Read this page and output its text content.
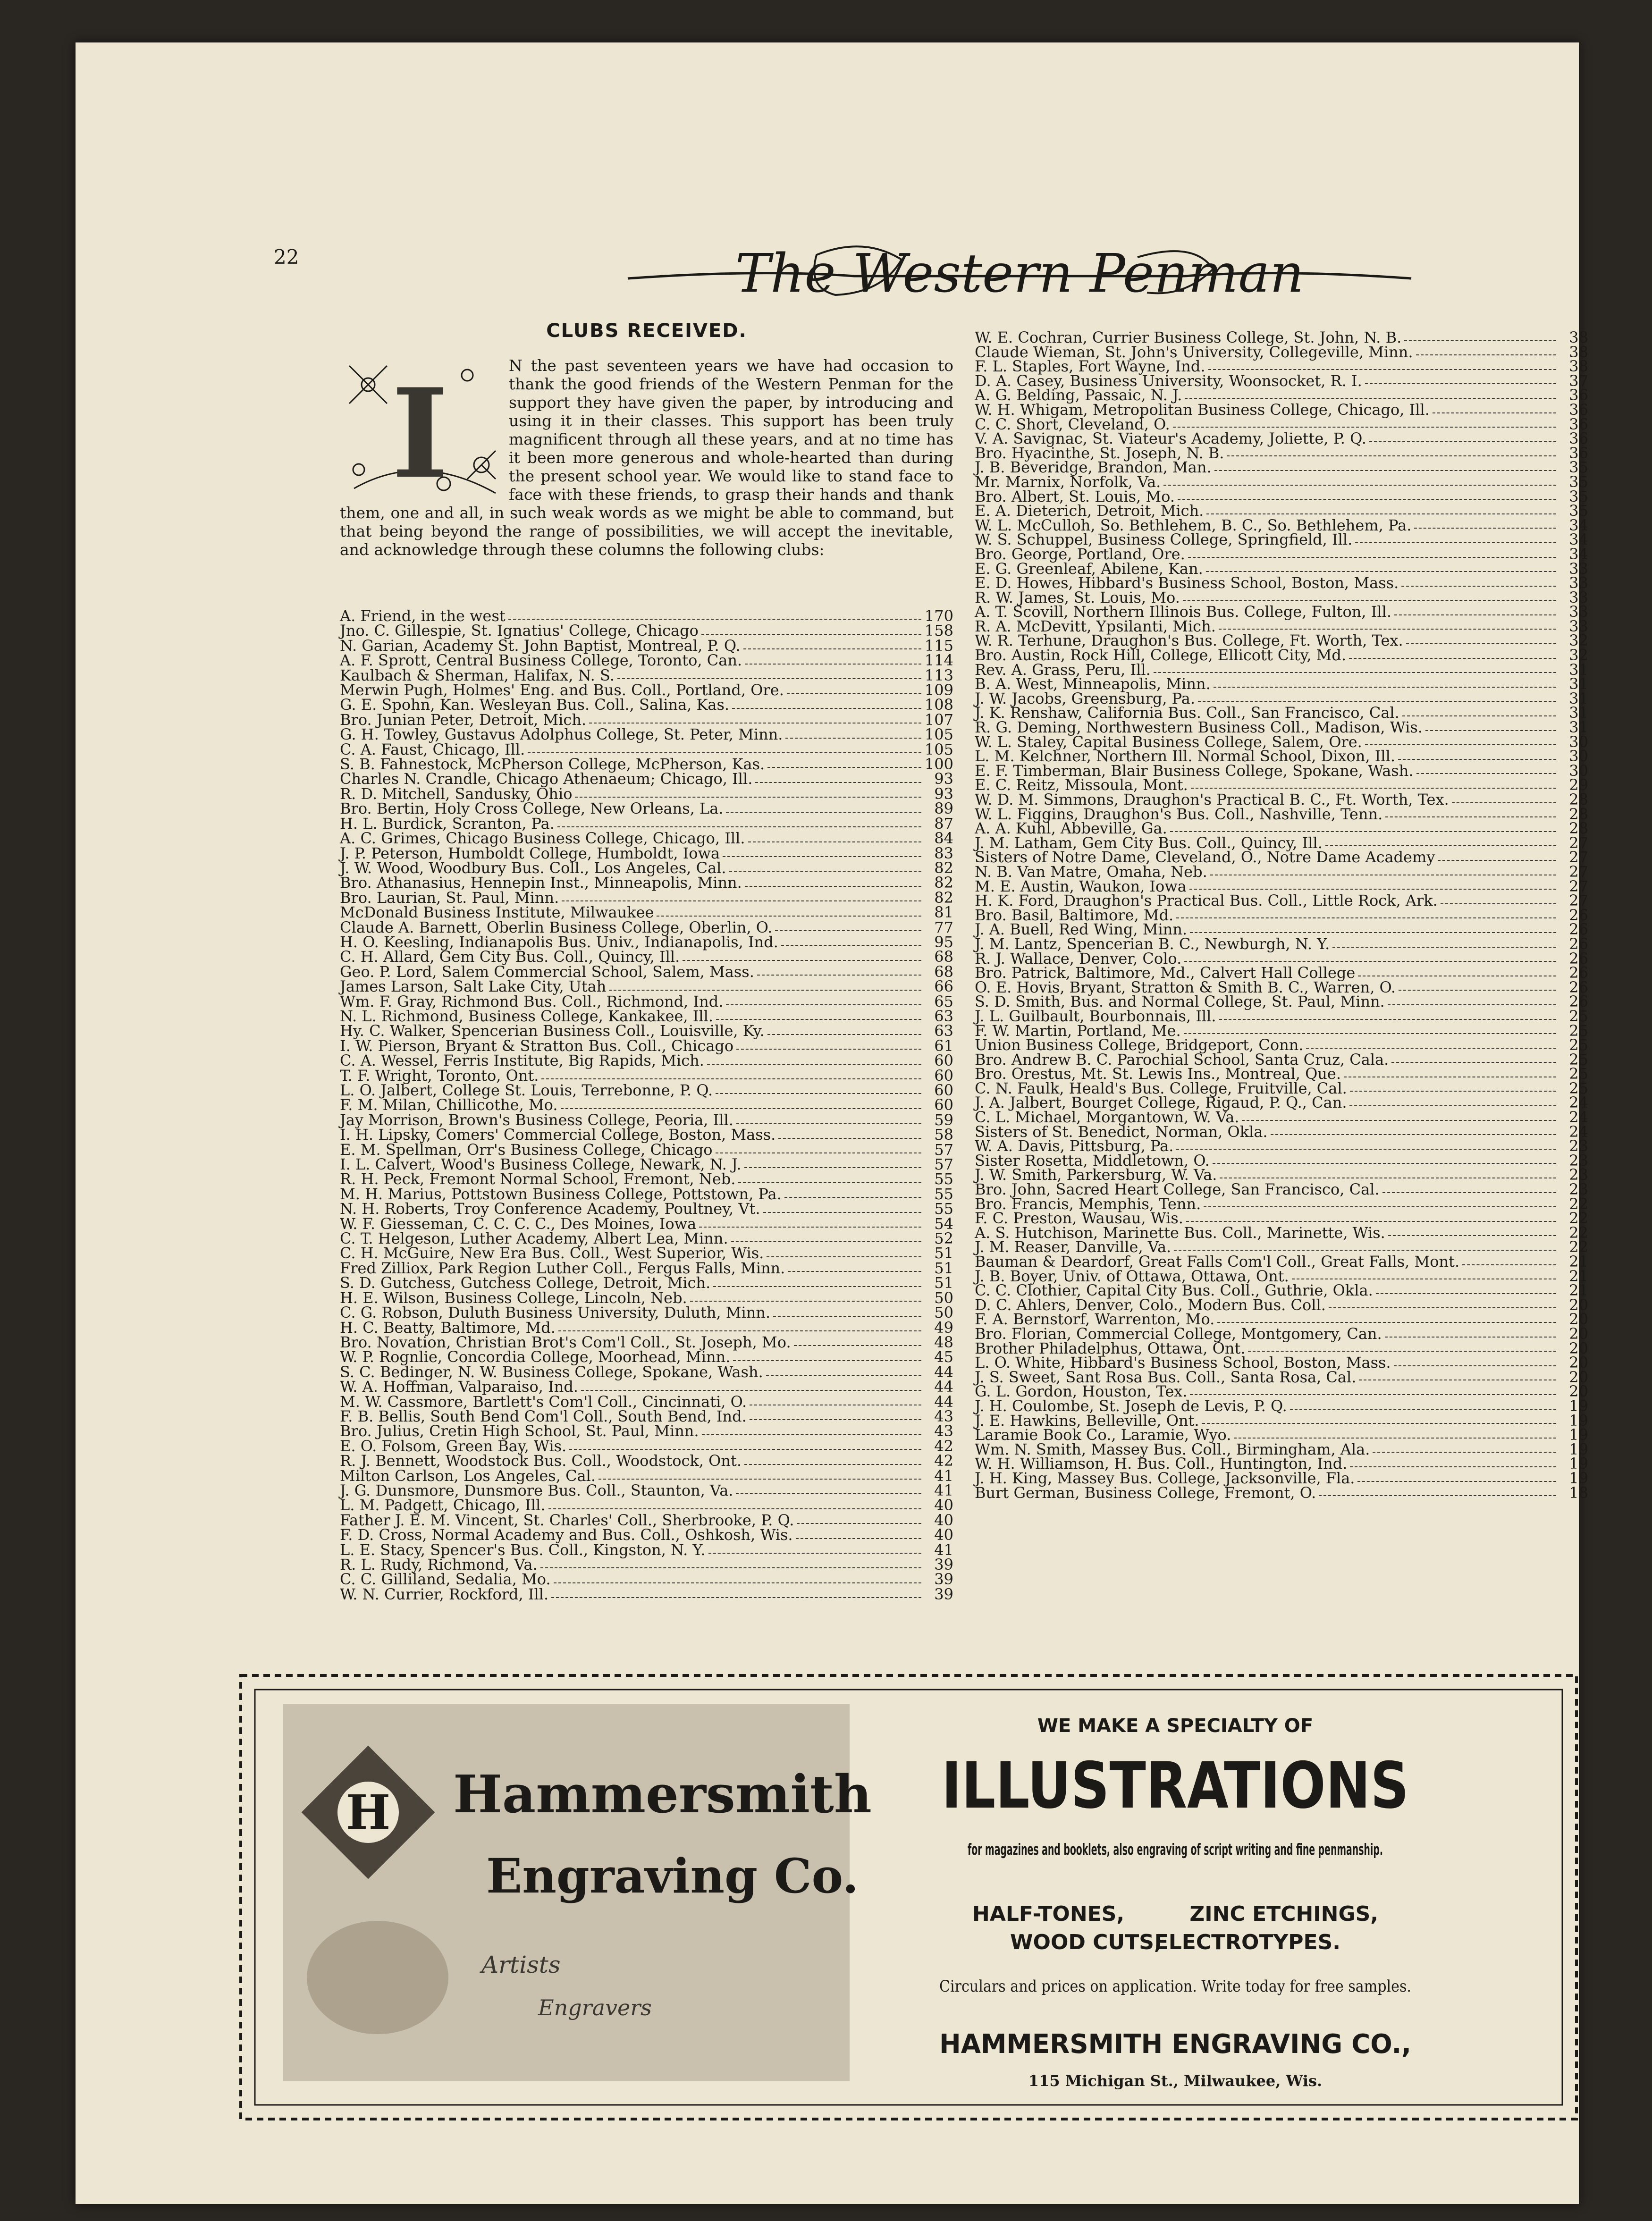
22	The Western Penman
CLUBS RECEIVED.
I	N the past seventeen years we have had occasion to thank the good friends of the Western Penman for the support they have given the paper, by introducing and using it in their classes. This support has been truly magnificent through all these years, and at no time has it been more generous and whole-hearted than during the present school year. We would like to stand face to face with these friends, to grasp their hands and thank them, one and all, in such weak words as we might be able to command, but that being beyond the range of possibilities, we will accept the inevitable, and acknowledge through these columns the following clubs:
A. Friend, in the west	170
Jno. C. Gillespie, St. Ignatius' College, Chicago	158
N. Garian, Academy St. John Baptist, Montreal, P. Q.	115
A. F. Sprott, Central Business College, Toronto, Can.	114
Kaulbach & Sherman, Halifax, N. S.	113
Merwin Pugh, Holmes' Eng. and Bus. Coll., Portland, Ore.	109
G. E. Spohn, Kan. Wesleyan Bus. Coll., Salina, Kas.	108
Bro. Junian Peter, Detroit, Mich.	107
G. H. Towley, Gustavus Adolphus College, St. Peter, Minn.	105
C. A. Faust, Chicago, Ill.	105
S. B. Fahnestock, McPherson College, McPherson, Kas.	100
Charles N. Crandle, Chicago Athenaeum; Chicago, Ill.	93
R. D. Mitchell, Sandusky, Ohio	93
Bro. Bertin, Holy Cross College, New Orleans, La.	89
H. L. Burdick, Scranton, Pa.	87
A. C. Grimes, Chicago Business College, Chicago, Ill.	84
J. P. Peterson, Humboldt College, Humboldt, Iowa	83
J. W. Wood, Woodbury Bus. Coll., Los Angeles, Cal.	82
Bro. Athanasius, Hennepin Inst., Minneapolis, Minn.	82
Bro. Laurian, St. Paul, Minn.	82
McDonald Business Institute, Milwaukee	81
Claude A. Barnett, Oberlin Business College, Oberlin, O.	77
H. O. Keesling, Indianapolis Bus. Univ., Indianapolis, Ind.	95
C. H. Allard, Gem City Bus. Coll., Quincy, Ill.	68
Geo. P. Lord, Salem Commercial School, Salem, Mass.	68
James Larson, Salt Lake City, Utah	66
Wm. F. Gray, Richmond Bus. Coll., Richmond, Ind.	65
N. L. Richmond, Business College, Kankakee, Ill.	63
Hy. C. Walker, Spencerian Business Coll., Louisville, Ky.	63
I. W. Pierson, Bryant & Stratton Bus. Coll., Chicago	61
C. A. Wessel, Ferris Institute, Big Rapids, Mich.	60
T. F. Wright, Toronto, Ont.	60
L. O. Jalbert, College St. Louis, Terrebonne, P. Q.	60
F. M. Milan, Chillicothe, Mo.	60
Jay Morrison, Brown's Business College, Peoria, Ill.	59
I. H. Lipsky, Comers' Commercial College, Boston, Mass.	58
E. M. Spellman, Orr's Business College, Chicago	57
I. L. Calvert, Wood's Business College, Newark, N. J.	57
R. H. Peck, Fremont Normal School, Fremont, Neb.	55
M. H. Marius, Pottstown Business College, Pottstown, Pa.	55
N. H. Roberts, Troy Conference Academy, Poultney, Vt.	55
W. F. Giesseman, C. C. C. C., Des Moines, Iowa	54
C. T. Helgeson, Luther Academy, Albert Lea, Minn.	52
C. H. McGuire, New Era Bus. Coll., West Superior, Wis.	51
Fred Zilliox, Park Region Luther Coll., Fergus Falls, Minn.	51
S. D. Gutchess, Gutchess College, Detroit, Mich.	51
H. E. Wilson, Business College, Lincoln, Neb.	50
C. G. Robson, Duluth Business University, Duluth, Minn.	50
H. C. Beatty, Baltimore, Md.	49
Bro. Novation, Christian Brot's Com'l Coll., St. Joseph, Mo.	48
W. P. Rognlie, Concordia College, Moorhead, Minn.	45
S. C. Bedinger, N. W. Business College, Spokane, Wash.	44
W. A. Hoffman, Valparaiso, Ind.	44
M. W. Cassmore, Bartlett's Com'l Coll., Cincinnati, O.	44
F. B. Bellis, South Bend Com'l Coll., South Bend, Ind.	43
Bro. Julius, Cretin High School, St. Paul, Minn.	43
E. O. Folsom, Green Bay, Wis.	42
R. J. Bennett, Woodstock Bus. Coll., Woodstock, Ont.	42
Milton Carlson, Los Angeles, Cal.	41
J. G. Dunsmore, Dunsmore Bus. Coll., Staunton, Va.	41
L. M. Padgett, Chicago, Ill.	40
Father J. E. M. Vincent, St. Charles' Coll., Sherbrooke, P. Q.	40
F. D. Cross, Normal Academy and Bus. Coll., Oshkosh, Wis.	40
L. E. Stacy, Spencer's Bus. Coll., Kingston, N. Y.	41
R. L. Rudy, Richmond, Va.	39
C. C. Gilliland, Sedalia, Mo.	39
W. N. Currier, Rockford, Ill.	39
W. E. Cochran, Currier Business College, St. John, N. B.	38
Claude Wieman, St. John's University, Collegeville, Minn.	38
F. L. Staples, Fort Wayne, Ind.	38
D. A. Casey, Business University, Woonsocket, R. I.	37
A. G. Belding, Passaic, N. J.	36
W. H. Whigam, Metropolitan Business College, Chicago, Ill.	36
C. C. Short, Cleveland, O.	36
V. A. Savignac, St. Viateur's Academy, Joliette, P. Q.	36
Bro. Hyacinthe, St. Joseph, N. B.	36
J. B. Beveridge, Brandon, Man.	35
Mr. Marnix, Norfolk, Va.	35
Bro. Albert, St. Louis, Mo.	35
E. A. Dieterich, Detroit, Mich.	35
W. L. McCulloh, So. Bethlehem, B. C., So. Bethlehem, Pa.	34
W. S. Schuppel, Business College, Springfield, Ill.	34
Bro. George, Portland, Ore.	34
E. G. Greenleaf, Abilene, Kan.	33
E. D. Howes, Hibbard's Business School, Boston, Mass.	33
R. W. James, St. Louis, Mo.	33
A. T. Scovill, Northern Illinois Bus. College, Fulton, Ill.	33
R. A. McDevitt, Ypsilanti, Mich.	33
W. R. Terhune, Draughon's Bus. College, Ft. Worth, Tex.	32
Bro. Austin, Rock Hill, College, Ellicott City, Md.	32
Rev. A. Grass, Peru, Ill.	31
B. A. West, Minneapolis, Minn.	31
J. W. Jacobs, Greensburg, Pa.	31
J. K. Renshaw, California Bus. Coll., San Francisco, Cal.	31
R. G. Deming, Northwestern Business Coll., Madison, Wis.	31
W. L. Staley, Capital Business College, Salem, Ore.	30
L. M. Kelchner, Northern Ill. Normal School, Dixon, Ill.	30
E. F. Timberman, Blair Business College, Spokane, Wash.	30
E. C. Reitz, Missoula, Mont.	29
W. D. M. Simmons, Draughon's Practical B. C., Ft. Worth, Tex.	28
W. L. Figgins, Draughon's Bus. Coll., Nashville, Tenn.	28
A. A. Kuhl, Abbeville, Ga.	28
J. M. Latham, Gem City Bus. Coll., Quincy, Ill.	27
Sisters of Notre Dame, Cleveland, O., Notre Dame Academy	27
N. B. Van Matre, Omaha, Neb.	27
M. E. Austin, Waukon, Iowa	27
H. K. Ford, Draughon's Practical Bus. Coll., Little Rock, Ark.	27
Bro. Basil, Baltimore, Md.	26
J. A. Buell, Red Wing, Minn.	26
J. M. Lantz, Spencerian B. C., Newburgh, N. Y.	26
R. J. Wallace, Denver, Colo.	26
Bro. Patrick, Baltimore, Md., Calvert Hall College	26
O. E. Hovis, Bryant, Stratton & Smith B. C., Warren, O.	26
S. D. Smith, Bus. and Normal College, St. Paul, Minn.	26
J. L. Guilbault, Bourbonnais, Ill.	25
F. W. Martin, Portland, Me.	25
Union Business College, Bridgeport, Conn.	25
Bro. Andrew B. C. Parochial School, Santa Cruz, Cala.	25
Bro. Orestus, Mt. St. Lewis Ins., Montreal, Que.	25
C. N. Faulk, Heald's Bus. College, Fruitville, Cal.	25
J. A. Jalbert, Bourget College, Rigaud, P. Q., Can.	24
C. L. Michael, Morgantown, W. Va.	24
Sisters of St. Benedict, Norman, Okla.	24
W. A. Davis, Pittsburg, Pa.	23
Sister Rosetta, Middletown, O.	23
J. W. Smith, Parkersburg, W. Va.	23
Bro. John, Sacred Heart College, San Francisco, Cal.	23
Bro. Francis, Memphis, Tenn.	22
F. C. Preston, Wausau, Wis.	22
A. S. Hutchison, Marinette Bus. Coll., Marinette, Wis.	22
J. M. Reaser, Danville, Va.	22
Bauman & Deardorf, Great Falls Com'l Coll., Great Falls, Mont.	21
J. B. Boyer, Univ. of Ottawa, Ottawa, Ont.	21
C. C. Clothier, Capital City Bus. Coll., Guthrie, Okla.	21
D. C. Ahlers, Denver, Colo., Modern Bus. Coll.	20
F. A. Bernstorf, Warrenton, Mo.	20
Bro. Florian, Commercial College, Montgomery, Can.	20
Brother Philadelphus, Ottawa, Ont.	20
L. O. White, Hibbard's Business School, Boston, Mass.	20
J. S. Sweet, Sant Rosa Bus. Coll., Santa Rosa, Cal.	20
G. L. Gordon, Houston, Tex.	20
J. H. Coulombe, St. Joseph de Levis, P. Q.	19
J. E. Hawkins, Belleville, Ont.	19
Laramie Book Co., Laramie, Wyo.	19
Wm. N. Smith, Massey Bus. Coll., Birmingham, Ala.	19
W. H. Williamson, H. Bus. Coll., Huntington, Ind.	19
J. H. King, Massey Bus. College, Jacksonville, Fla.	19
Burt German, Business College, Fremont, O.	18
H Hammersmith
Engraving Co.
Artists
Engravers
WE MAKE A SPECIALTY OF
ILLUSTRATIONS
for magazines and booklets, also engraving of script writing and fine penmanship.
HALF-TONES,	ZINC ETCHINGS,
WOOD CUTS,
ELECTROTYPES.
Circulars and prices on application. Write today for free samples.
HAMMERSMITH ENGRAVING CO.,
115 Michigan St., Milwaukee, Wis.
